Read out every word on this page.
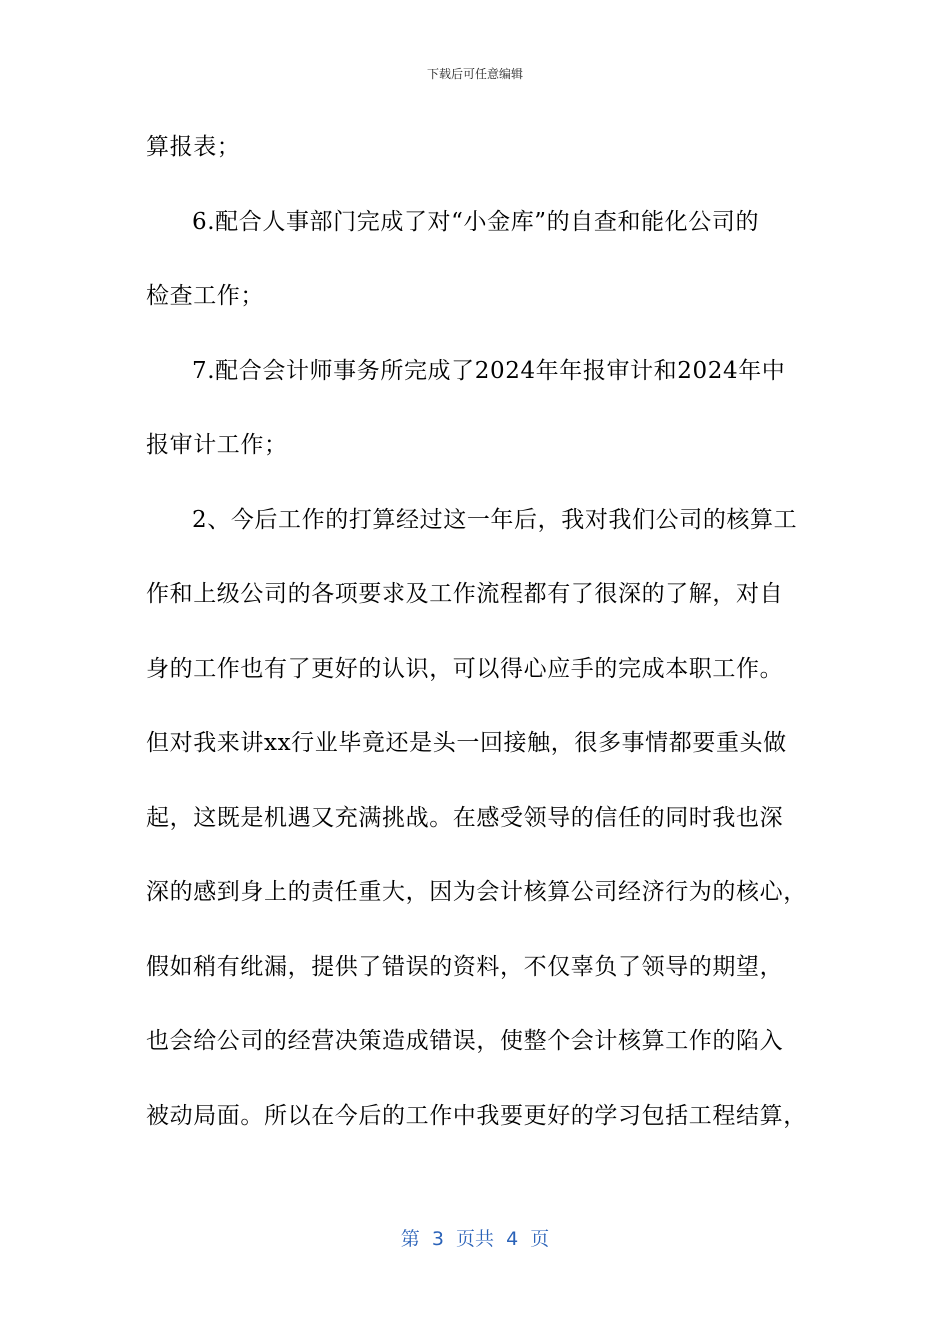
下载后可任意编辑
算报表；
6.配合人事部门完成了对“小金库”的自查和能化公司的
检查工作；
7.配合会计师事务所完成了2024年年报审计和2024年中
报审计工作；
2、今后工作的打算经过这一年后，我对我们公司的核算工
作和上级公司的各项要求及工作流程都有了很深的了解，对自
身的工作也有了更好的认识，可以得心应手的完成本职工作。
但对我来讲xx行业毕竟还是头一回接触，很多事情都要重头做
起，这既是机遇又充满挑战。在感受领导的信任的同时我也深
深的感到身上的责任重大，因为会计核算公司经济行为的核心，
假如稍有纰漏，提供了错误的资料，不仅辜负了领导的期望，
也会给公司的经营决策造成错误，使整个会计核算工作的陷入
被动局面。所以在今后的工作中我要更好的学习包括工程结算，
第  3  页共  4  页
